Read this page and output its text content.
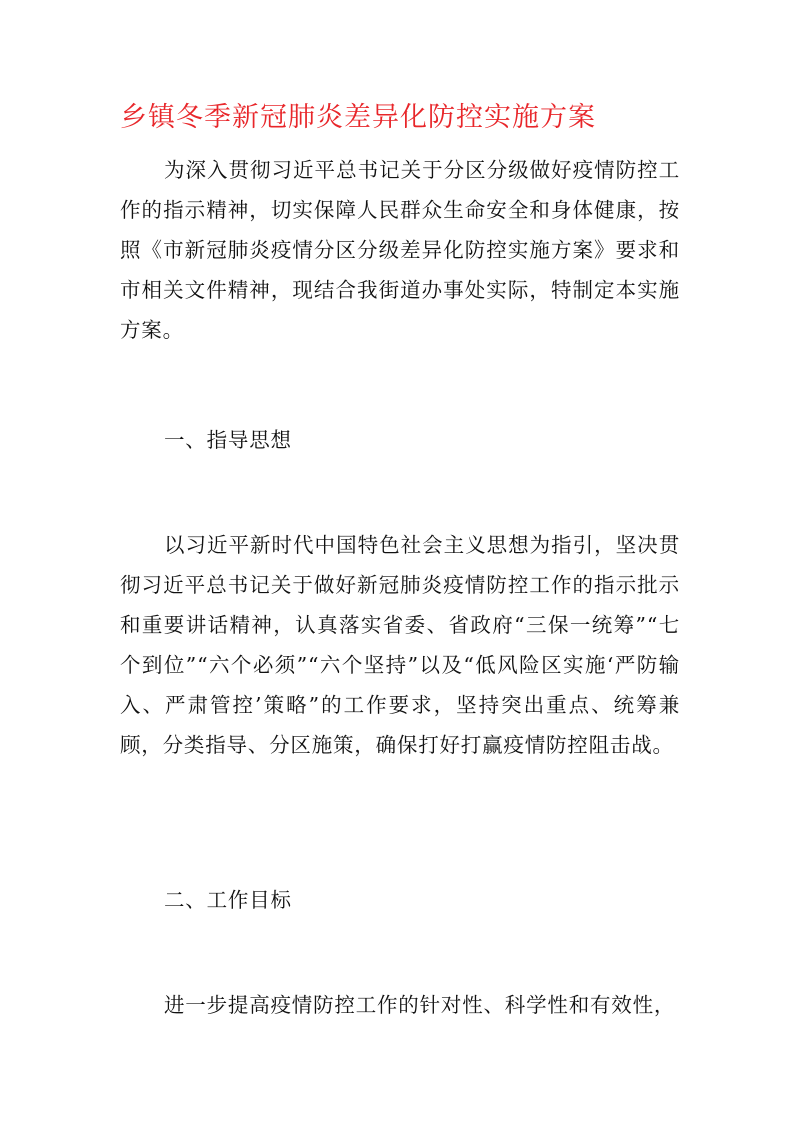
乡镇冬季新冠肺炎差异化防控实施方案

为深入贯彻习近平总书记关于分区分级做好疫情防控工作的指示精神，切实保障人民群众生命安全和身体健康，按照《市新冠肺炎疫情分区分级差异化防控实施方案》要求和市相关文件精神，现结合我街道办事处实际，特制定本实施方案。

一、指导思想

以习近平新时代中国特色社会主义思想为指引，坚决贯彻习近平总书记关于做好新冠肺炎疫情防控工作的指示批示和重要讲话精神，认真落实省委、省政府“三保一统筹”“七个到位”“六个必须”“六个坚持”以及“低风险区实施‘严防输入、严肃管控’策略”的工作要求，坚持突出重点、统筹兼顾，分类指导、分区施策，确保打好打赢疫情防控阻击战。

二、工作目标

进一步提高疫情防控工作的针对性、科学性和有效性，
